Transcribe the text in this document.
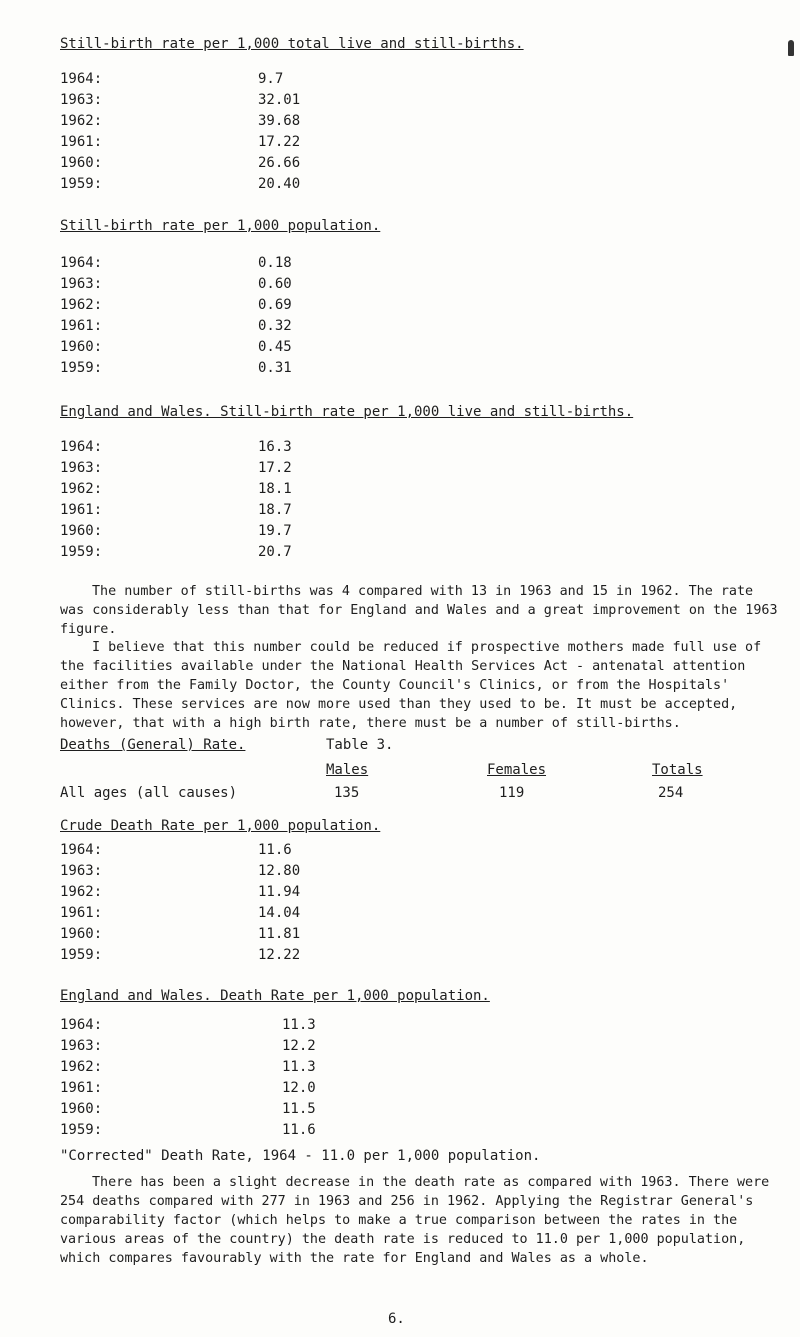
Still-birth rate per 1,000 total live and still-births.
1964:	9.7
1963:	32.01
1962:	39.68
1961:	17.22
1960:	26.66
1959:	20.40
Still-birth rate per 1,000 population.
1964:	0.18
1963:	0.60
1962:	0.69
1961:	0.32
1960:	0.45
1959:	0.31
England and Wales. Still-birth rate per 1,000 live and still-births.
1964:	16.3
1963:	17.2
1962:	18.1
1961:	18.7
1960:	19.7
1959:	20.7
The number of still-births was 4 compared with 13 in 1963 and 15 in 1962. The rate was considerably less than that for England and Wales and a great improvement on the 1963 figure.
I believe that this number could be reduced if prospective mothers made full use of the facilities available under the National Health Services Act - antenatal attention either from the Family Doctor, the County Council's Clinics, or from the Hospitals' Clinics. These services are now more used than they used to be. It must be accepted, however, that with a high birth rate, there must be a number of still-births.
Deaths (General) Rate.	Table 3.
Males	Females	Totals
All ages (all causes)	135	119	254
Crude Death Rate per 1,000 population.
1964:	11.6
1963:	12.80
1962:	11.94
1961:	14.04
1960:	11.81
1959:	12.22
England and Wales. Death Rate per 1,000 population.
1964:	11.3
1963:	12.2
1962:	11.3
1961:	12.0
1960:	11.5
1959:	11.6
"Corrected" Death Rate, 1964 - 11.0 per 1,000 population.
There has been a slight decrease in the death rate as compared with 1963. There were 254 deaths compared with 277 in 1963 and 256 in 1962. Applying the Registrar General's comparability factor (which helps to make a true comparison between the rates in the various areas of the country) the death rate is reduced to 11.0 per 1,000 population, which compares favourably with the rate for England and Wales as a whole.
6.
